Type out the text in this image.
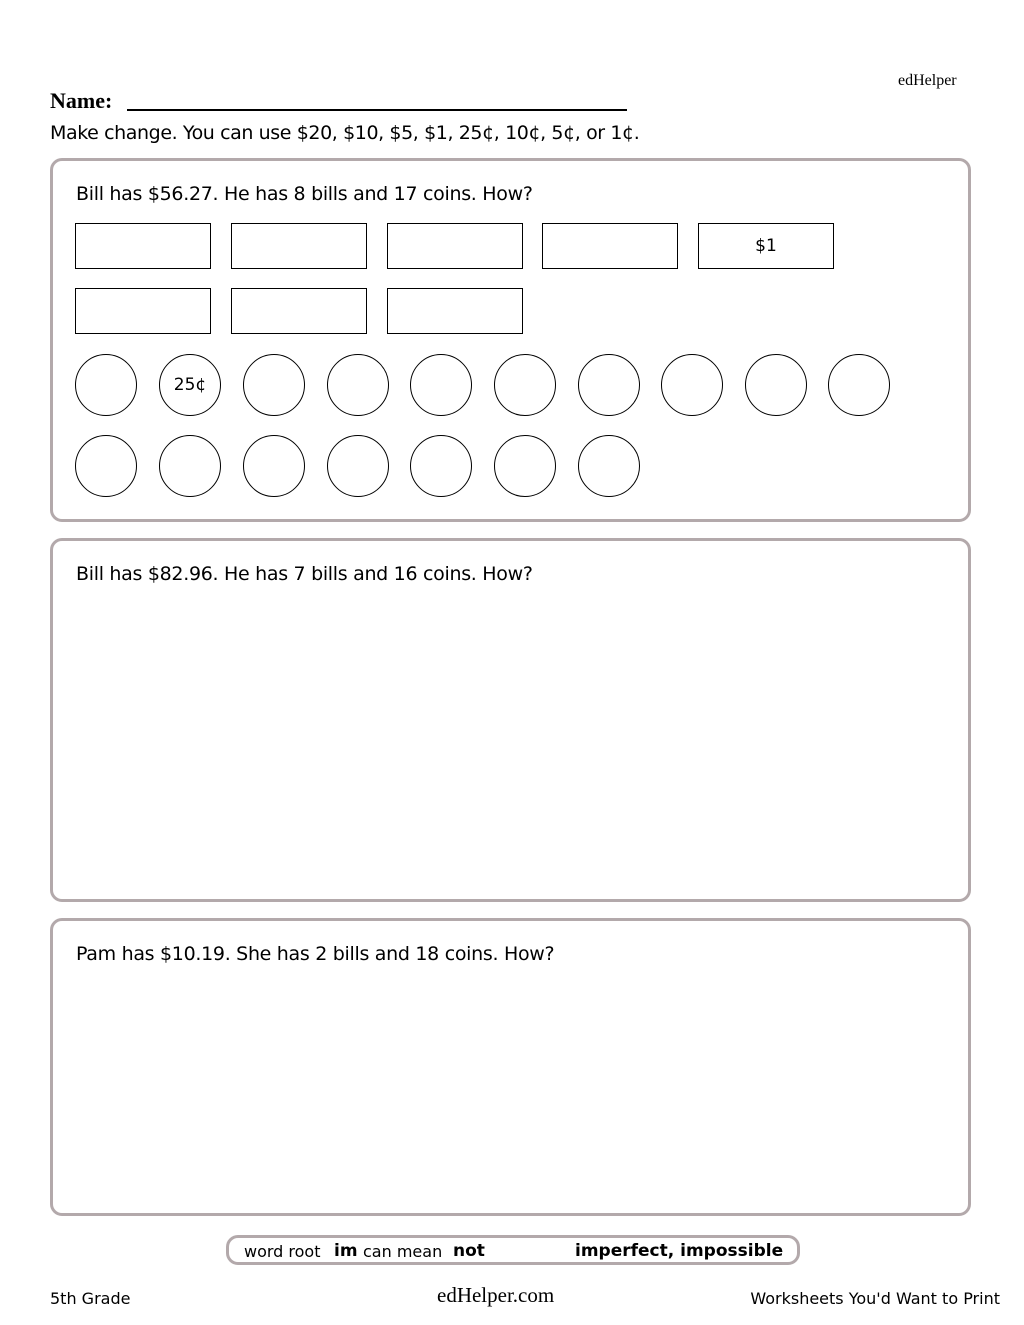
edHelper
Name:
Make change. You can use $20, $10, $5, $1, 25¢, 10¢, 5¢, or 1¢.
Bill has $56.27. He has 8 bills and 17 coins. How?
$1
25¢
Bill has $82.96. He has 7 bills and 16 coins. How?
Pam has $10.19. She has 2 bills and 18 coins. How?
word root im can mean not	imperfect, impossible
5th Grade	edHelper.com	Worksheets You'd Want to Print
